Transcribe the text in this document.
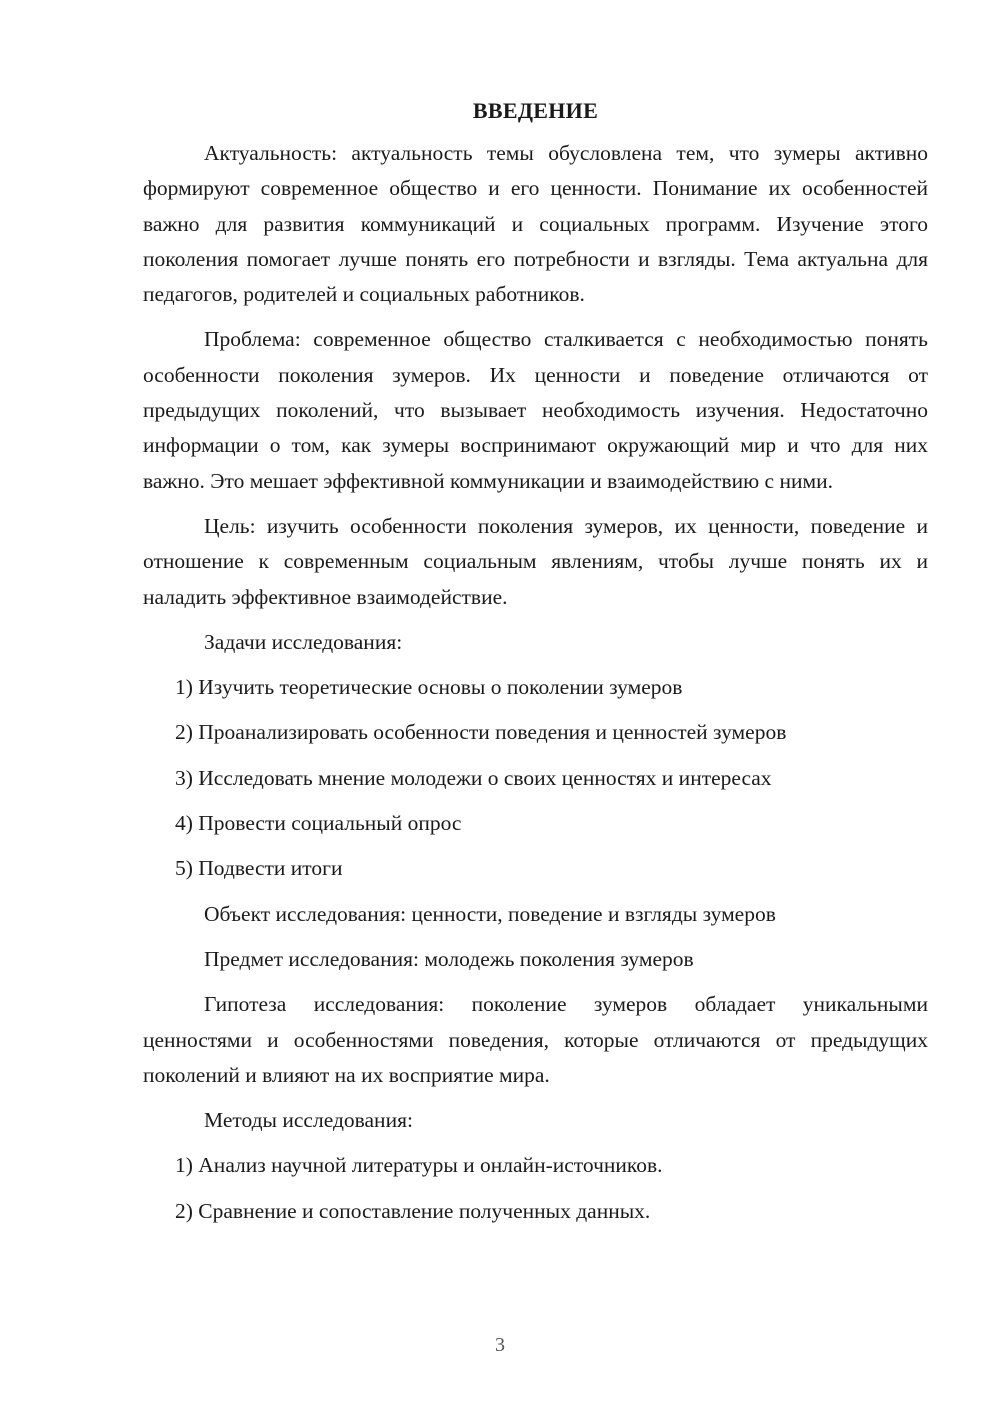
ВВЕДЕНИЕ

Актуальность: актуальность темы обусловлена тем, что зумеры активно формируют современное общество и его ценности. Понимание их особенностей важно для развития коммуникаций и социальных программ. Изучение этого поколения помогает лучше понять его потребности и взгляды. Тема актуальна для педагогов, родителей и социальных работников.

Проблема: современное общество сталкивается с необходимостью понять особенности поколения зумеров. Их ценности и поведение отличаются от предыдущих поколений, что вызывает необходимость изучения. Недостаточно информации о том, как зумеры воспринимают окружающий мир и что для них важно. Это мешает эффективной коммуникации и взаимодействию с ними.

Цель: изучить особенности поколения зумеров, их ценности, поведение и отношение к современным социальным явлениям, чтобы лучше понять их и наладить эффективное взаимодействие.

Задачи исследования:
1) Изучить теоретические основы о поколении зумеров
2) Проанализировать особенности поведения и ценностей зумеров
3) Исследовать мнение молодежи о своих ценностях и интересах
4) Провести социальный опрос
5) Подвести итоги
Объект исследования: ценности, поведение и взгляды зумеров
Предмет исследования: молодежь поколения зумеров

Гипотеза исследования: поколение зумеров обладает уникальными ценностями и особенностями поведения, которые отличаются от предыдущих поколений и влияют на их восприятие мира.

Методы исследования:
1) Анализ научной литературы и онлайн-источников.
2) Сравнение и сопоставление полученных данных.
3
